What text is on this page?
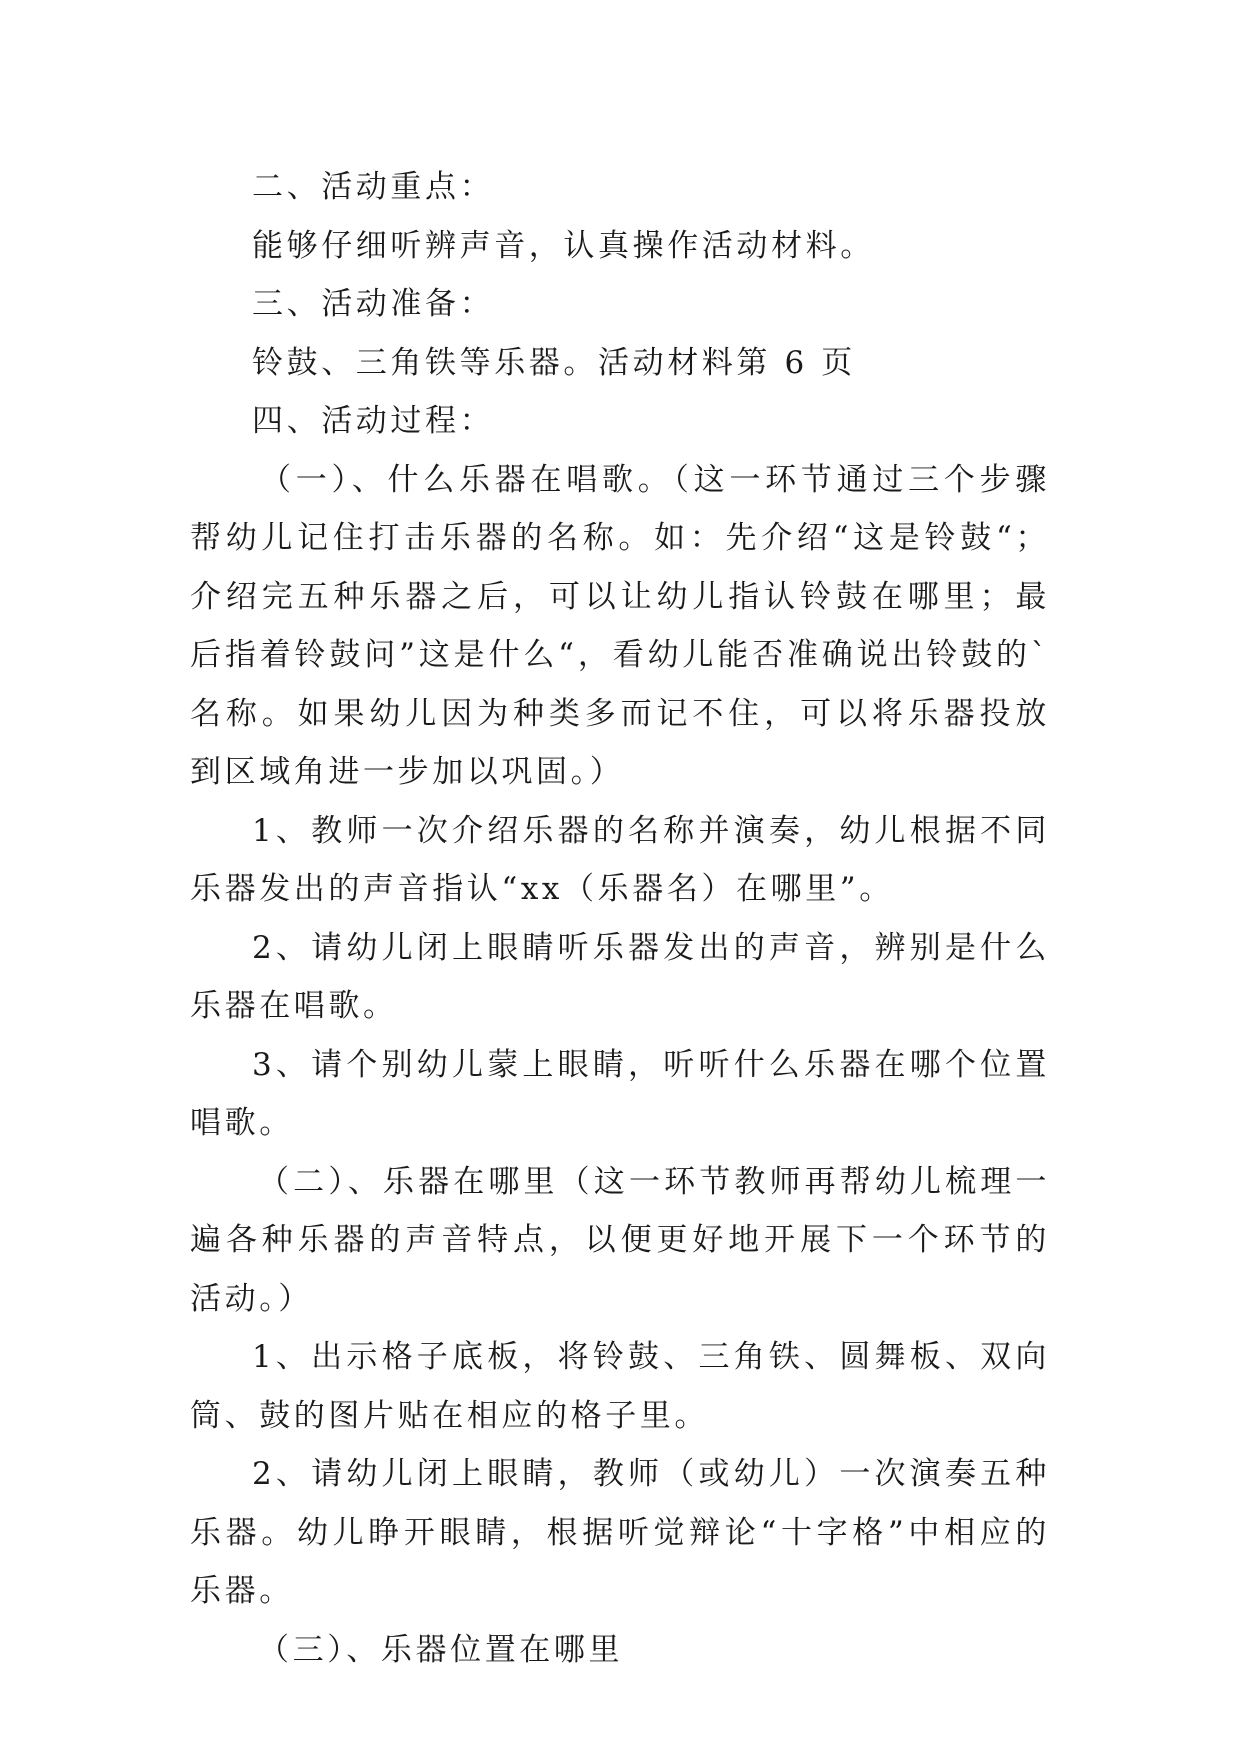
二、活动重点：

能够仔细听辨声音，认真操作活动材料。

三、活动准备：

铃鼓、三角铁等乐器。活动材料第 6 页

四、活动过程：

（一）、什么乐器在唱歌。（这一环节通过三个步骤帮幼儿记住打击乐器的名称。如：先介绍“这是铃鼓“；介绍完五种乐器之后，可以让幼儿指认铃鼓在哪里；最后指着铃鼓问”这是什么“，看幼儿能否准确说出铃鼓的`名称。如果幼儿因为种类多而记不住，可以将乐器投放到区域角进一步加以巩固。）

1、教师一次介绍乐器的名称并演奏，幼儿根据不同乐器发出的声音指认“xx（乐器名）在哪里”。

2、请幼儿闭上眼睛听乐器发出的声音，辨别是什么乐器在唱歌。

3、请个别幼儿蒙上眼睛，听听什么乐器在哪个位置唱歌。

（二）、乐器在哪里（这一环节教师再帮幼儿梳理一遍各种乐器的声音特点，以便更好地开展下一个环节的活动。）

1、出示格子底板，将铃鼓、三角铁、圆舞板、双向筒、鼓的图片贴在相应的格子里。

2、请幼儿闭上眼睛，教师（或幼儿）一次演奏五种乐器。幼儿睁开眼睛，根据听觉辩论“十字格”中相应的乐器。

（三）、乐器位置在哪里
